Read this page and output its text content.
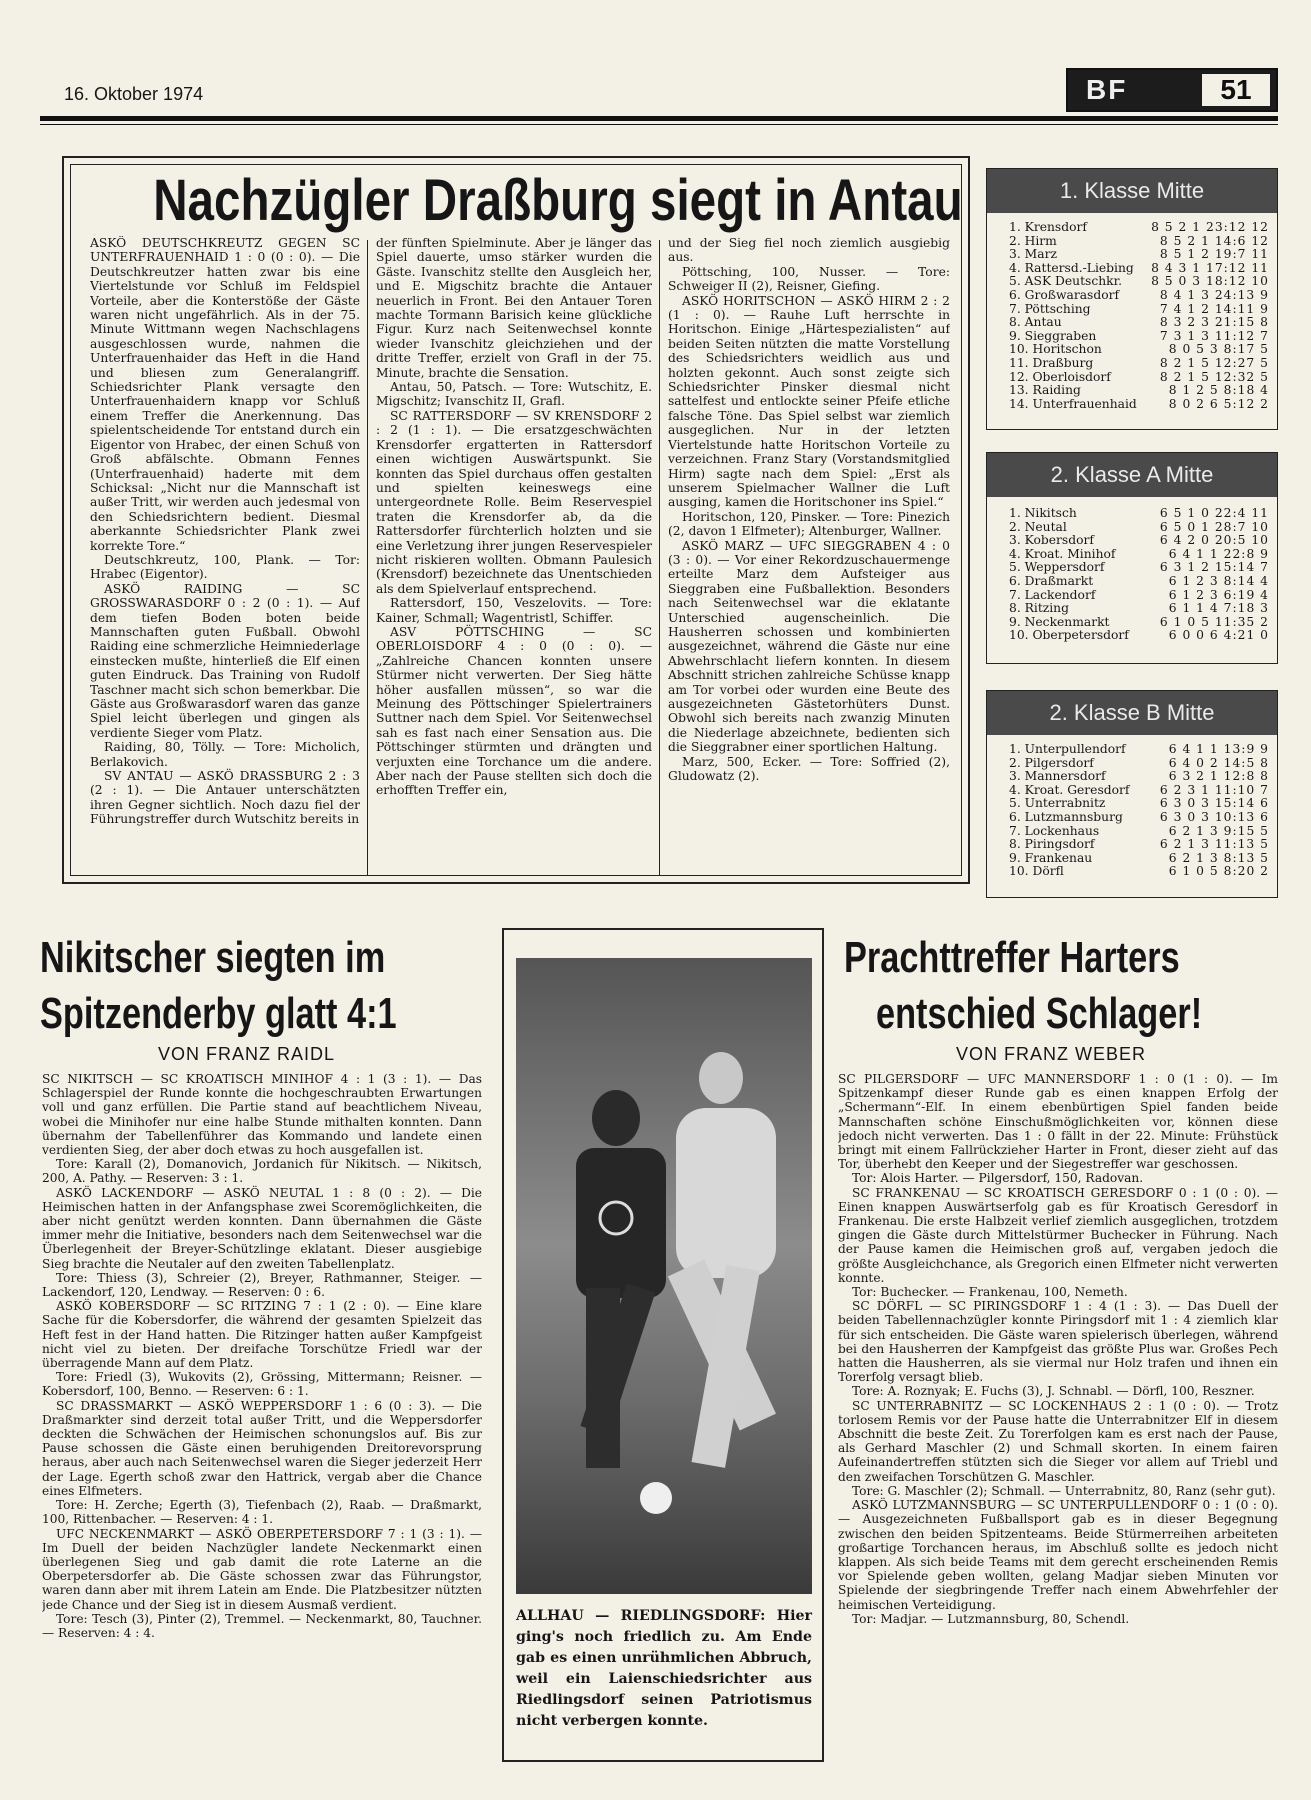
16. Oktober 1974	BF	51
Nachzügler Draßburg siegt in Antau

ASKÖ DEUTSCHKREUTZ GEGEN SC UNTERFRAUENHAID 1 : 0 (0 : 0). — Die Deutschkreutzer hatten zwar bis eine Viertelstunde vor Schluß im Feldspiel Vorteile, aber die Konterstöße der Gäste waren nicht ungefährlich. Als in der 75. Minute Wittmann wegen Nachschlagens ausgeschlossen wurde, nahmen die Unterfrauenhaider das Heft in die Hand und bliesen zum Generalangriff. Schiedsrichter Plank versagte den Unterfrauenhaidern knapp vor Schluß einem Treffer die Anerkennung. Das spielentscheidende Tor entstand durch ein Eigentor von Hrabec, der einen Schuß von Groß abfälschte. Obmann Fennes (Unterfrauenhaid) haderte mit dem Schicksal: „Nicht nur die Mannschaft ist außer Tritt, wir werden auch jedesmal von den Schiedsrichtern bedient. Diesmal aberkannte Schiedsrichter Plank zwei korrekte Tore.“

Deutschkreutz, 100, Plank. — Tor: Hrabec (Eigentor).

ASKÖ RAIDING — SC GROSSWARASDORF 0 : 2 (0 : 1). — Auf dem tiefen Boden boten beide Mannschaften guten Fußball. Obwohl Raiding eine schmerzliche Heimniederlage einstecken mußte, hinterließ die Elf einen guten Eindruck. Das Training von Rudolf Taschner macht sich schon bemerkbar. Die Gäste aus Großwarasdorf waren das ganze Spiel leicht überlegen und gingen als verdiente Sieger vom Platz.

Raiding, 80, Tölly. — Tore: Micholich, Berlakovich.

SV ANTAU — ASKÖ DRASSBURG 2 : 3 (2 : 1). — Die Antauer unterschätzten ihren Gegner sichtlich. Noch dazu fiel der Führungstreffer durch Wutschitz bereits in

der fünften Spielminute. Aber je länger das Spiel dauerte, umso stärker wurden die Gäste. Ivanschitz stellte den Ausgleich her, und E. Migschitz brachte die Antauer neuerlich in Front. Bei den Antauer Toren machte Tormann Barisich keine glückliche Figur. Kurz nach Seitenwechsel konnte wieder Ivanschitz gleichziehen und der dritte Treffer, erzielt von Grafl in der 75. Minute, brachte die Sensation.

Antau, 50, Patsch. — Tore: Wutschitz, E. Migschitz; Ivanschitz II, Grafl.

SC RATTERSDORF — SV KRENSDORF 2 : 2 (1 : 1). — Die ersatzgeschwächten Krensdorfer ergatterten in Rattersdorf einen wichtigen Auswärtspunkt. Sie konnten das Spiel durchaus offen gestalten und spielten keineswegs eine untergeordnete Rolle. Beim Reservespiel traten die Krensdorfer ab, da die Rattersdorfer fürchterlich holzten und sie eine Verletzung ihrer jungen Reservespieler nicht riskieren wollten. Obmann Paulesich (Krensdorf) bezeichnete das Unentschieden als dem Spielverlauf entsprechend.

Rattersdorf, 150, Veszelovits. — Tore: Kainer, Schmall; Wagentristl, Schiffer.

ASV PÖTTSCHING — SC OBERLOISDORF 4 : 0 (0 : 0). — „Zahlreiche Chancen konnten unsere Stürmer nicht verwerten. Der Sieg hätte höher ausfallen müssen“, so war die Meinung des Pöttschinger Spielertrainers Suttner nach dem Spiel. Vor Seitenwechsel sah es fast nach einer Sensation aus. Die Pöttschinger stürmten und drängten und verjuxten eine Torchance um die andere. Aber nach der Pause stellten sich doch die erhofften Treffer ein,

und der Sieg fiel noch ziemlich ausgiebig aus.

Pöttsching, 100, Nusser. — Tore: Schweiger II (2), Reisner, Giefing.

ASKÖ HORITSCHON — ASKÖ HIRM 2 : 2 (1 : 0). — Rauhe Luft herrschte in Horitschon. Einige „Härtespezialisten“ auf beiden Seiten nützten die matte Vorstellung des Schiedsrichters weidlich aus und holzten gekonnt. Auch sonst zeigte sich Schiedsrichter Pinsker diesmal nicht sattelfest und entlockte seiner Pfeife etliche falsche Töne. Das Spiel selbst war ziemlich ausgeglichen. Nur in der letzten Viertelstunde hatte Horitschon Vorteile zu verzeichnen. Franz Stary (Vorstandsmitglied Hirm) sagte nach dem Spiel: „Erst als unserem Spielmacher Wallner die Luft ausging, kamen die Horitschoner ins Spiel.“

Horitschon, 120, Pinsker. — Tore: Pinezich (2, davon 1 Elfmeter); Altenburger, Wallner.

ASKÖ MARZ — UFC SIEGGRABEN 4 : 0 (3 : 0). — Vor einer Rekordzuschauermenge erteilte Marz dem Aufsteiger aus Sieggraben eine Fußballektion. Besonders nach Seitenwechsel war die eklatante Unterschied augenscheinlich. Die Hausherren schossen und kombinierten ausgezeichnet, während die Gäste nur eine Abwehrschlacht liefern konnten. In diesem Abschnitt strichen zahlreiche Schüsse knapp am Tor vorbei oder wurden eine Beute des ausgezeichneten Gästetorhüters Dunst. Obwohl sich bereits nach zwanzig Minuten die Niederlage abzeichnete, bedienten sich die Sieggrabner einer sportlichen Haltung.

Marz, 500, Ecker. — Tore: Soffried (2), Gludowatz (2).

1. Klasse Mitte
1. Krensdorf	8 5 2 1 23:12 12
2. Hirm	8 5 2 1 14:6 12
3. Marz	8 5 1 2 19:7 11
4. Rattersd.-Liebing	8 4 3 1 17:12 11
5. ASK Deutschkr.	8 5 0 3 18:12 10
6. Großwarasdorf	8 4 1 3 24:13 9
7. Pöttsching	7 4 1 2 14:11 9
8. Antau	8 3 2 3 21:15 8
9. Sieggraben	7 3 1 3 11:12 7
10. Horitschon	8 0 5 3 8:17 5
11. Draßburg	8 2 1 5 12:27 5
12. Oberloisdorf	8 2 1 5 12:32 5
13. Raiding	8 1 2 5 8:18 4
14. Unterfrauenhaid	8 0 2 6 5:12 2
2. Klasse A Mitte
1. Nikitsch	6 5 1 0 22:4 11
2. Neutal	6 5 0 1 28:7 10
3. Kobersdorf	6 4 2 0 20:5 10
4. Kroat. Minihof	6 4 1 1 22:8 9
5. Weppersdorf	6 3 1 2 15:14 7
6. Draßmarkt	6 1 2 3 8:14 4
7. Lackendorf	6 1 2 3 6:19 4
8. Ritzing	6 1 1 4 7:18 3
9. Neckenmarkt	6 1 0 5 11:35 2
10. Oberpetersdorf	6 0 0 6 4:21 0
2. Klasse B Mitte
1. Unterpullendorf	6 4 1 1 13:9 9
2. Pilgersdorf	6 4 0 2 14:5 8
3. Mannersdorf	6 3 2 1 12:8 8
4. Kroat. Geresdorf	6 2 3 1 11:10 7
5. Unterrabnitz	6 3 0 3 15:14 6
6. Lutzmannsburg	6 3 0 3 10:13 6
7. Lockenhaus	6 2 1 3 9:15 5
8. Piringsdorf	6 2 1 3 11:13 5
9. Frankenau	6 2 1 3 8:13 5
10. Dörfl	6 1 0 5 8:20 2
Nikitscher siegten im
Spitzenderby glatt 4:1
VON FRANZ RAIDL

SC NIKITSCH — SC KROATISCH MINIHOF 4 : 1 (3 : 1). — Das Schlagerspiel der Runde konnte die hochgeschraubten Erwartungen voll und ganz erfüllen. Die Partie stand auf beachtlichem Niveau, wobei die Minihofer nur eine halbe Stunde mithalten konnten. Dann übernahm der Tabellenführer das Kommando und landete einen verdienten Sieg, der aber doch etwas zu hoch ausgefallen ist.

Tore: Karall (2), Domanovich, Jordanich für Nikitsch. — Nikitsch, 200, A. Pathy. — Reserven: 3 : 1.

ASKÖ LACKENDORF — ASKÖ NEUTAL 1 : 8 (0 : 2). — Die Heimischen hatten in der Anfangsphase zwei Scoremöglichkeiten, die aber nicht genützt werden konnten. Dann übernahmen die Gäste immer mehr die Initiative, besonders nach dem Seitenwechsel war die Überlegenheit der Breyer-Schützlinge eklatant. Dieser ausgiebige Sieg brachte die Neutaler auf den zweiten Tabellenplatz.

Tore: Thiess (3), Schreier (2), Breyer, Rathmanner, Steiger. — Lackendorf, 120, Lendway. — Reserven: 0 : 6.

ASKÖ KOBERSDORF — SC RITZING 7 : 1 (2 : 0). — Eine klare Sache für die Kobersdorfer, die während der gesamten Spielzeit das Heft fest in der Hand hatten. Die Ritzinger hatten außer Kampfgeist nicht viel zu bieten. Der dreifache Torschütze Friedl war der überragende Mann auf dem Platz.

Tore: Friedl (3), Wukovits (2), Grössing, Mittermann; Reisner. — Kobersdorf, 100, Benno. — Reserven: 6 : 1.

SC DRASSMARKT — ASKÖ WEPPERSDORF 1 : 6 (0 : 3). — Die Draßmarkter sind derzeit total außer Tritt, und die Weppersdorfer deckten die Schwächen der Heimischen schonungslos auf. Bis zur Pause schossen die Gäste einen beruhigenden Dreitorevorsprung heraus, aber auch nach Seitenwechsel waren die Sieger jederzeit Herr der Lage. Egerth schoß zwar den Hattrick, vergab aber die Chance eines Elfmeters.

Tore: H. Zerche; Egerth (3), Tiefenbach (2), Raab. — Draßmarkt, 100, Rittenbacher. — Reserven: 4 : 1.

UFC NECKENMARKT — ASKÖ OBERPETERSDORF 7 : 1 (3 : 1). — Im Duell der beiden Nachzügler landete Neckenmarkt einen überlegenen Sieg und gab damit die rote Laterne an die Oberpetersdorfer ab. Die Gäste schossen zwar das Führungstor, waren dann aber mit ihrem Latein am Ende. Die Platzbesitzer nützten jede Chance und der Sieg ist in diesem Ausmaß verdient.

Tore: Tesch (3), Pinter (2), Tremmel. — Neckenmarkt, 80, Tauchner. — Reserven: 4 : 4.

ALLHAU — RIEDLINGSDORF: Hier ging's noch friedlich zu. Am Ende gab es einen unrühmlichen Abbruch, weil ein Laienschiedsrichter aus Riedlingsdorf seinen Patriotismus nicht verbergen konnte.
Prachttreffer Harters
entschied Schlager!
VON FRANZ WEBER

SC PILGERSDORF — UFC MANNERSDORF 1 : 0 (1 : 0). — Im Spitzenkampf dieser Runde gab es einen knappen Erfolg der „Schermann“-Elf. In einem ebenbürtigen Spiel fanden beide Mannschaften schöne Einschußmöglichkeiten vor, können diese jedoch nicht verwerten. Das 1 : 0 fällt in der 22. Minute: Frühstück bringt mit einem Fallrückzieher Harter in Front, dieser zieht auf das Tor, überhebt den Keeper und der Siegestreffer war geschossen.

Tor: Alois Harter. — Pilgersdorf, 150, Radovan.

SC FRANKENAU — SC KROATISCH GERESDORF 0 : 1 (0 : 0). — Einen knappen Auswärtserfolg gab es für Kroatisch Geresdorf in Frankenau. Die erste Halbzeit verlief ziemlich ausgeglichen, trotzdem gingen die Gäste durch Mittelstürmer Buchecker in Führung. Nach der Pause kamen die Heimischen groß auf, vergaben jedoch die größte Ausgleichchance, als Gregorich einen Elfmeter nicht verwerten konnte.

Tor: Buchecker. — Frankenau, 100, Nemeth.

SC DÖRFL — SC PIRINGSDORF 1 : 4 (1 : 3). — Das Duell der beiden Tabellennachzügler konnte Piringsdorf mit 1 : 4 ziemlich klar für sich entscheiden. Die Gäste waren spielerisch überlegen, während bei den Hausherren der Kampfgeist das größte Plus war. Großes Pech hatten die Hausherren, als sie viermal nur Holz trafen und ihnen ein Torerfolg versagt blieb.

Tore: A. Roznyak; E. Fuchs (3), J. Schnabl. — Dörfl, 100, Reszner.

SC UNTERRABNITZ — SC LOCKENHAUS 2 : 1 (0 : 0). — Trotz torlosem Remis vor der Pause hatte die Unterrabnitzer Elf in diesem Abschnitt die beste Zeit. Zu Torerfolgen kam es erst nach der Pause, als Gerhard Maschler (2) und Schmall skorten. In einem fairen Aufeinandertreffen stützten sich die Sieger vor allem auf Triebl und den zweifachen Torschützen G. Maschler.

Tore: G. Maschler (2); Schmall. — Unterrabnitz, 80, Ranz (sehr gut).

ASKÖ LUTZMANNSBURG — SC UNTERPULLENDORF 0 : 1 (0 : 0). — Ausgezeichneten Fußballsport gab es in dieser Begegnung zwischen den beiden Spitzenteams. Beide Stürmerreihen arbeiteten großartige Torchancen heraus, im Abschluß sollte es jedoch nicht klappen. Als sich beide Teams mit dem gerecht erscheinenden Remis vor Spielende geben wollten, gelang Madjar sieben Minuten vor Spielende der siegbringende Treffer nach einem Abwehrfehler der heimischen Verteidigung.

Tor: Madjar. — Lutzmannsburg, 80, Schendl.
